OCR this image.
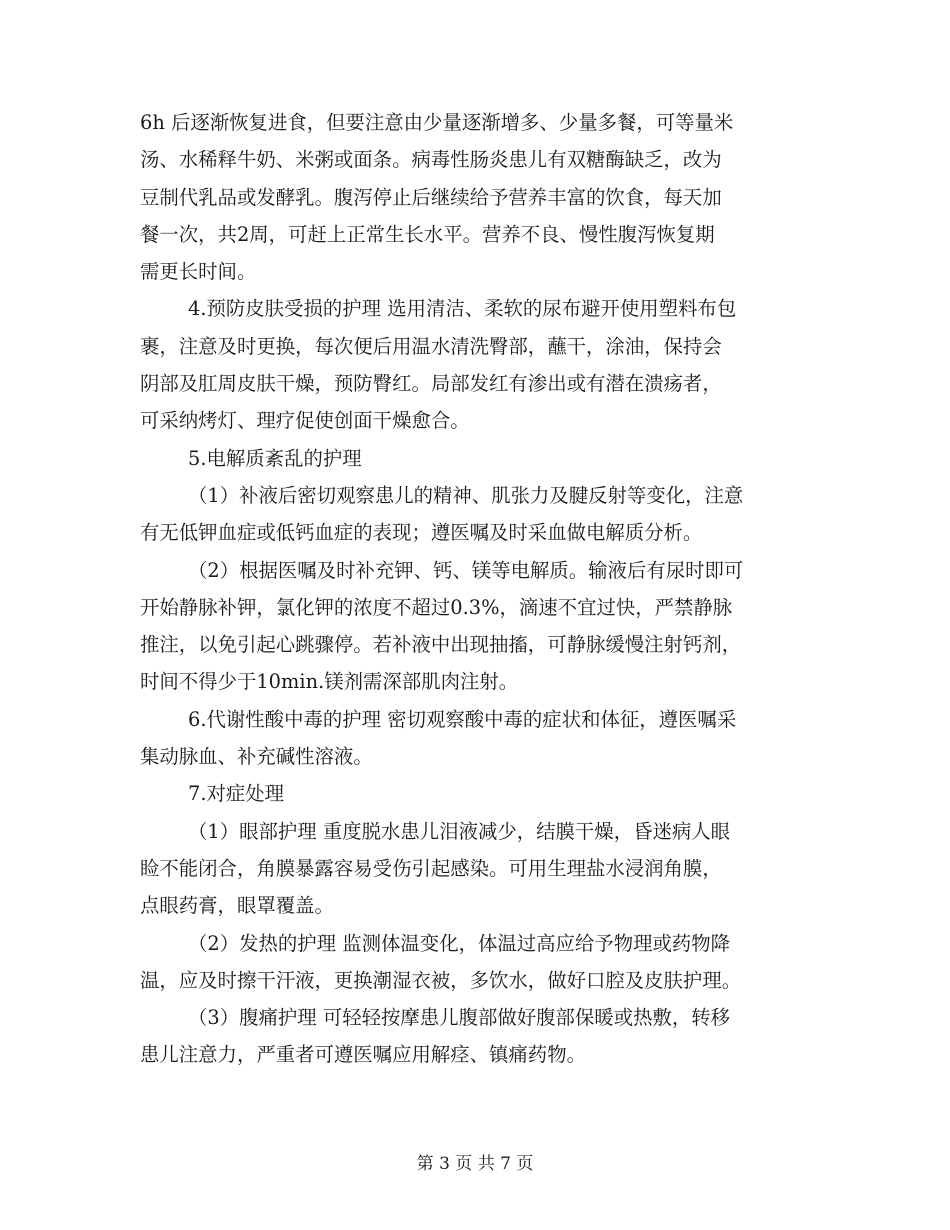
6h 后逐渐恢复进食，但要注意由少量逐渐增多、少量多餐，可等量米
汤、水稀释牛奶、米粥或面条。病毒性肠炎患儿有双糖酶缺乏，改为
豆制代乳品或发酵乳。腹泻停止后继续给予营养丰富的饮食，每天加
餐一次，共2周，可赶上正常生长水平。营养不良、慢性腹泻恢复期
需更长时间。
4.预防皮肤受损的护理 选用清洁、柔软的尿布避开使用塑料布包
裹，注意及时更换，每次便后用温水清洗臀部，蘸干，涂油，保持会
阴部及肛周皮肤干燥，预防臀红。局部发红有渗出或有潜在溃疡者，
可采纳烤灯、理疗促使创面干燥愈合。
5.电解质紊乱的护理
（1）补液后密切观察患儿的精神、肌张力及腱反射等变化，注意
有无低钾血症或低钙血症的表现；遵医嘱及时采血做电解质分析。
（2）根据医嘱及时补充钾、钙、镁等电解质。输液后有尿时即可
开始静脉补钾，氯化钾的浓度不超过0.3%，滴速不宜过快，严禁静脉
推注，以免引起心跳骤停。若补液中出现抽搐，可静脉缓慢注射钙剂，
时间不得少于10min.镁剂需深部肌肉注射。
6.代谢性酸中毒的护理 密切观察酸中毒的症状和体征，遵医嘱采
集动脉血、补充碱性溶液。
7.对症处理
（1）眼部护理 重度脱水患儿泪液减少，结膜干燥，昏迷病人眼
睑不能闭合，角膜暴露容易受伤引起感染。可用生理盐水浸润角膜，
点眼药膏，眼罩覆盖。
（2）发热的护理 监测体温变化，体温过高应给予物理或药物降
温，应及时擦干汗液，更换潮湿衣被，多饮水，做好口腔及皮肤护理。
（3）腹痛护理 可轻轻按摩患儿腹部做好腹部保暖或热敷，转移
患儿注意力，严重者可遵医嘱应用解痉、镇痛药物。
第 3 页 共 7 页
